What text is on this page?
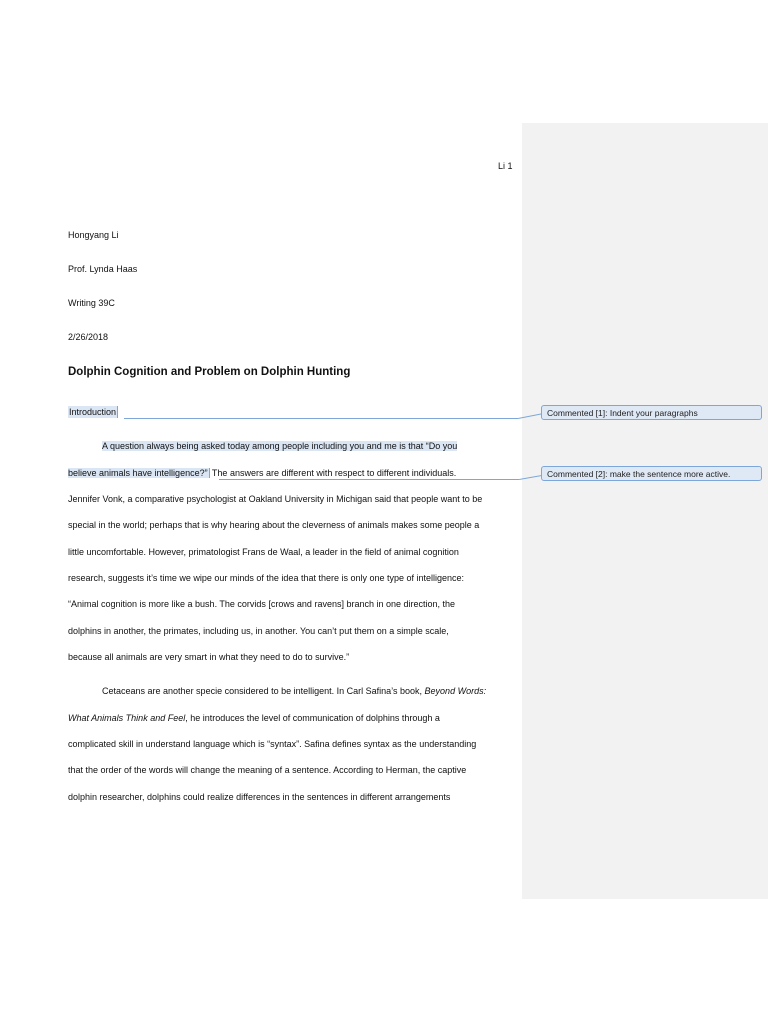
Li 1
Hongyang Li
Prof. Lynda Haas
Writing 39C
2/26/2018
Dolphin Cognition and Problem on Dolphin Hunting
Introduction
A question always being asked today among people including you and me is that “Do you
believe animals have intelligence?” The answers are different with respect to different individuals.
Jennifer Vonk, a comparative psychologist at Oakland University in Michigan said that people want to be
special in the world; perhaps that is why hearing about the cleverness of animals makes some people a
little uncomfortable. However, primatologist Frans de Waal, a leader in the field of animal cognition
research, suggests it’s time we wipe our minds of the idea that there is only one type of intelligence:
“Animal cognition is more like a bush. The corvids [crows and ravens] branch in one direction, the
dolphins in another, the primates, including us, in another. You can’t put them on a simple scale,
because all animals are very smart in what they need to do to survive.”
Cetaceans are another specie considered to be intelligent. In Carl Safina’s book, Beyond Words:
What Animals Think and Feel, he introduces the level of communication of dolphins through a
complicated skill in understand language which is “syntax”. Safina defines syntax as the understanding
that the order of the words will change the meaning of a sentence. According to Herman, the captive
dolphin researcher, dolphins could realize differences in the sentences in different arrangements
Commented [1]: Indent your paragraphs
Commented [2]: make the sentence more active.
